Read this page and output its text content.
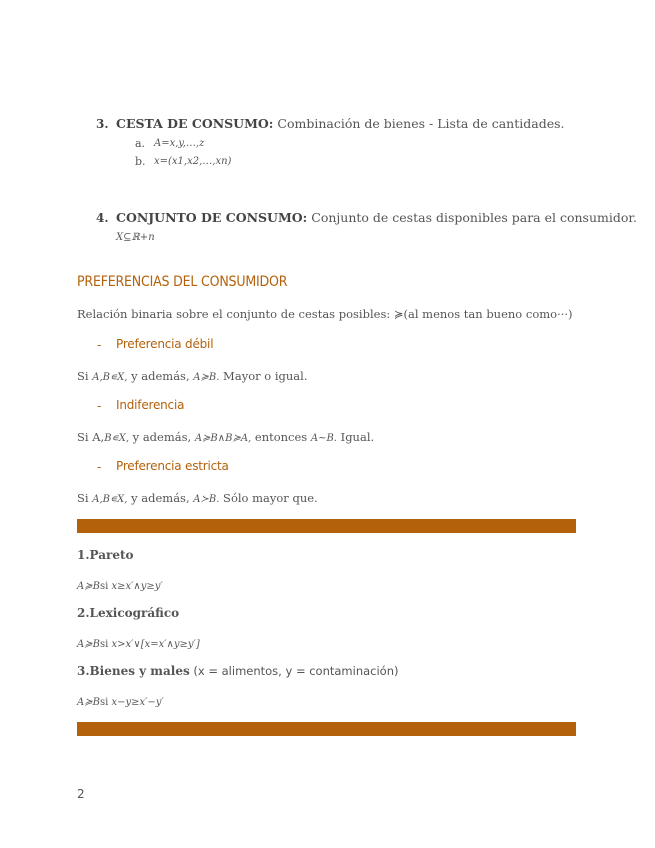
3. CESTA DE CONSUMO: Combinación de bienes - Lista de cantidades.
a. A=x,y,…,z
b. x=(x1,x2,…,xn)
4. CONJUNTO DE CONSUMO: Conjunto de cestas disponibles para el consumidor.
X⊆ℝ+n
PREFERENCIAS DEL CONSUMIDOR
Relación binaria sobre el conjunto de cestas posibles: ≽(al menos tan bueno como···)
- Preferencia débil
Si A,B∊X, y además, A≽B. Mayor o igual.
- Indiferencia
Si A,B∊X, y además, A≽B∧B≽A, entonces A~B. Igual.
- Preferencia estricta
Si A,B∊X, y además, A≻B. Sólo mayor que.
1.Pareto
A≽Bsi x≥x′∧y≥y′
2.Lexicográfico
A≽Bsi x>x′∨[x=x′∧y≥y′]
3.Bienes y males (x = alimentos, y = contaminación)
A≽Bsi x−y≥x′−y′
2
